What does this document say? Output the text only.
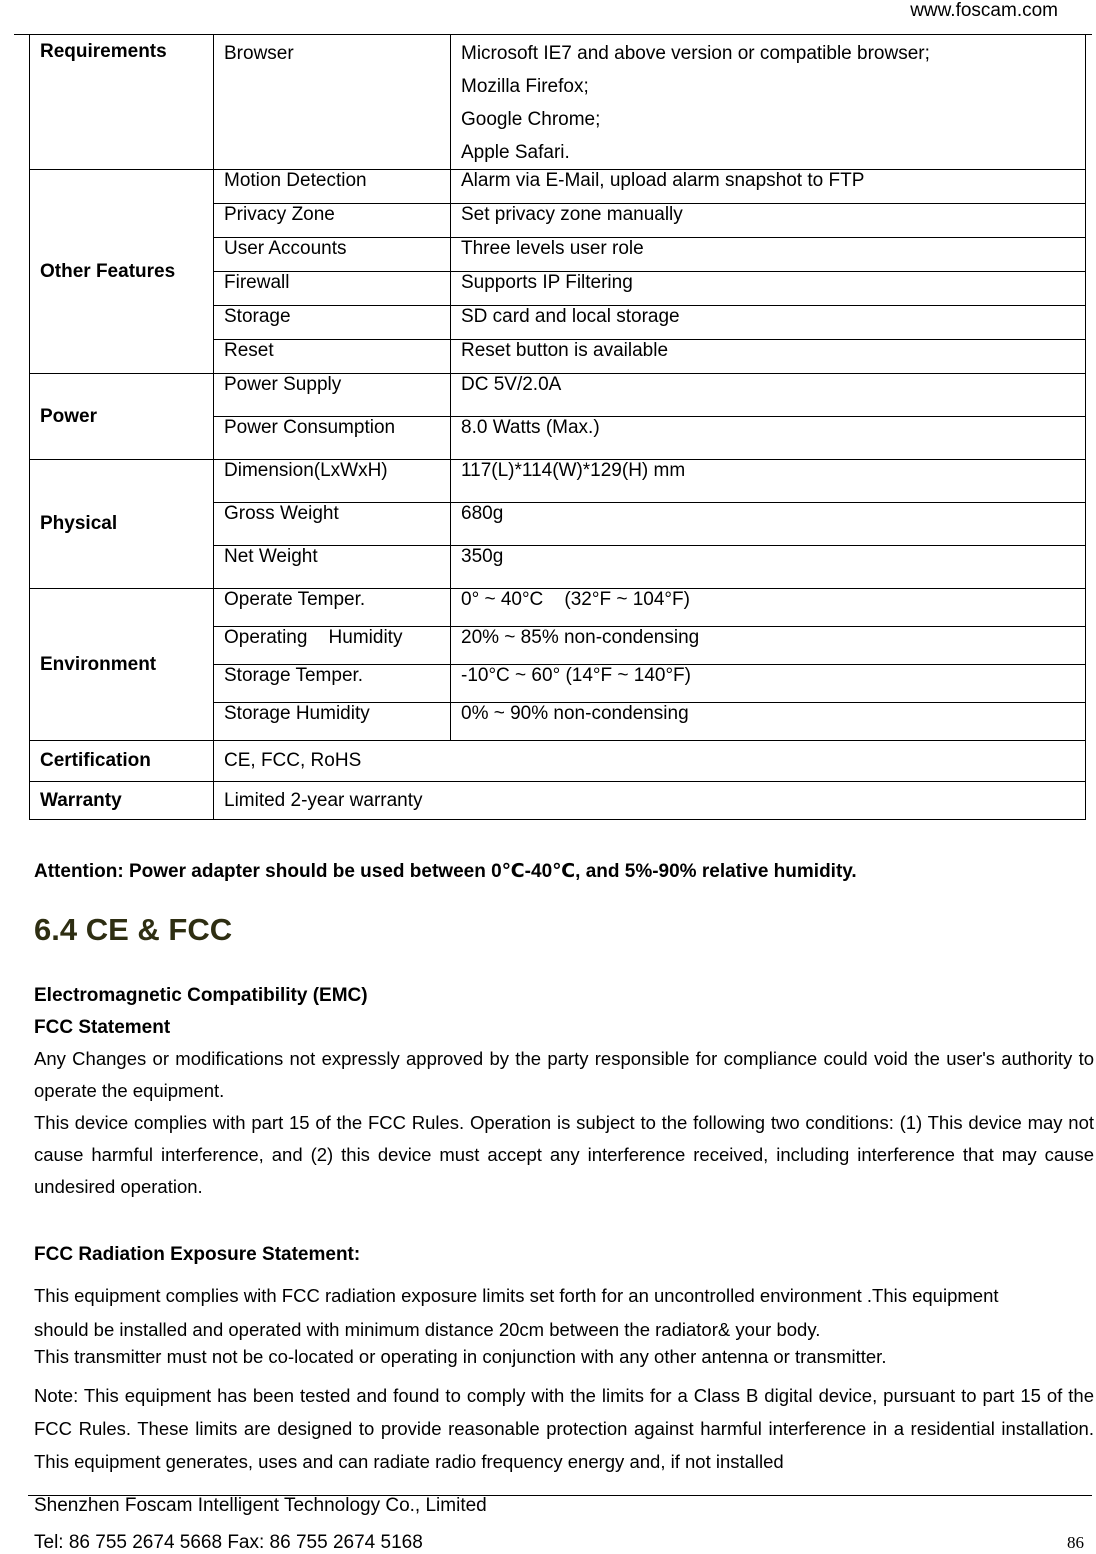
www.foscam.com
Requirements	Browser	Microsoft IE7 and above version or compatible browser;
Mozilla Firefox;
Google Chrome;
Apple Safari.

Other Features	Motion Detection	Alarm via E-Mail, upload alarm snapshot to FTP
	Privacy Zone	Set privacy zone manually
	User Accounts	Three levels user role
	Firewall	Supports IP Filtering
	Storage	SD card and local storage
	Reset	Reset button is available
Power	Power Supply	DC 5V/2.0A
	Power Consumption	8.0 Watts (Max.)
Physical	Dimension(LxWxH)	117(L)*114(W)*129(H) mm
	Gross Weight	680g
	Net Weight	350g
Environment	Operate Temper.	0° ~ 40°C    (32°F ~ 104°F)
	Operating    Humidity	20% ~ 85% non-condensing
	Storage Temper.	-10°C ~ 60° (14°F ~ 140°F)
	Storage Humidity	0% ~ 90% non-condensing
Certification	CE, FCC, RoHS	
Warranty	Limited 2-year warranty	
Attention: Power adapter should be used between 0℃-40℃, and 5%-90% relative humidity.
6.4 CE & FCC
Electromagnetic Compatibility (EMC)
FCC Statement

Any Changes or modifications not expressly approved by the party responsible for compliance could void the user's authority to operate the equipment.

This device complies with part 15 of the FCC Rules. Operation is subject to the following two conditions: (1) This device may not cause harmful interference, and (2) this device must accept any interference received, including interference that may cause undesired operation.

FCC Radiation Exposure Statement:

This equipment complies with FCC radiation exposure limits set forth for an uncontrolled environment .This equipment should be installed and operated with minimum distance 20cm between the radiator& your body.

This transmitter must not be co-located or operating in conjunction with any other antenna or transmitter.

Note: This equipment has been tested and found to comply with the limits for a Class B digital device, pursuant to part 15 of the FCC Rules. These limits are designed to provide reasonable protection against harmful interference in a residential installation. This equipment generates, uses and can radiate radio frequency energy and, if not installed

Shenzhen Foscam Intelligent Technology Co., Limited
Tel: 86 755 2674 5668 Fax: 86 755 2674 5168	86
